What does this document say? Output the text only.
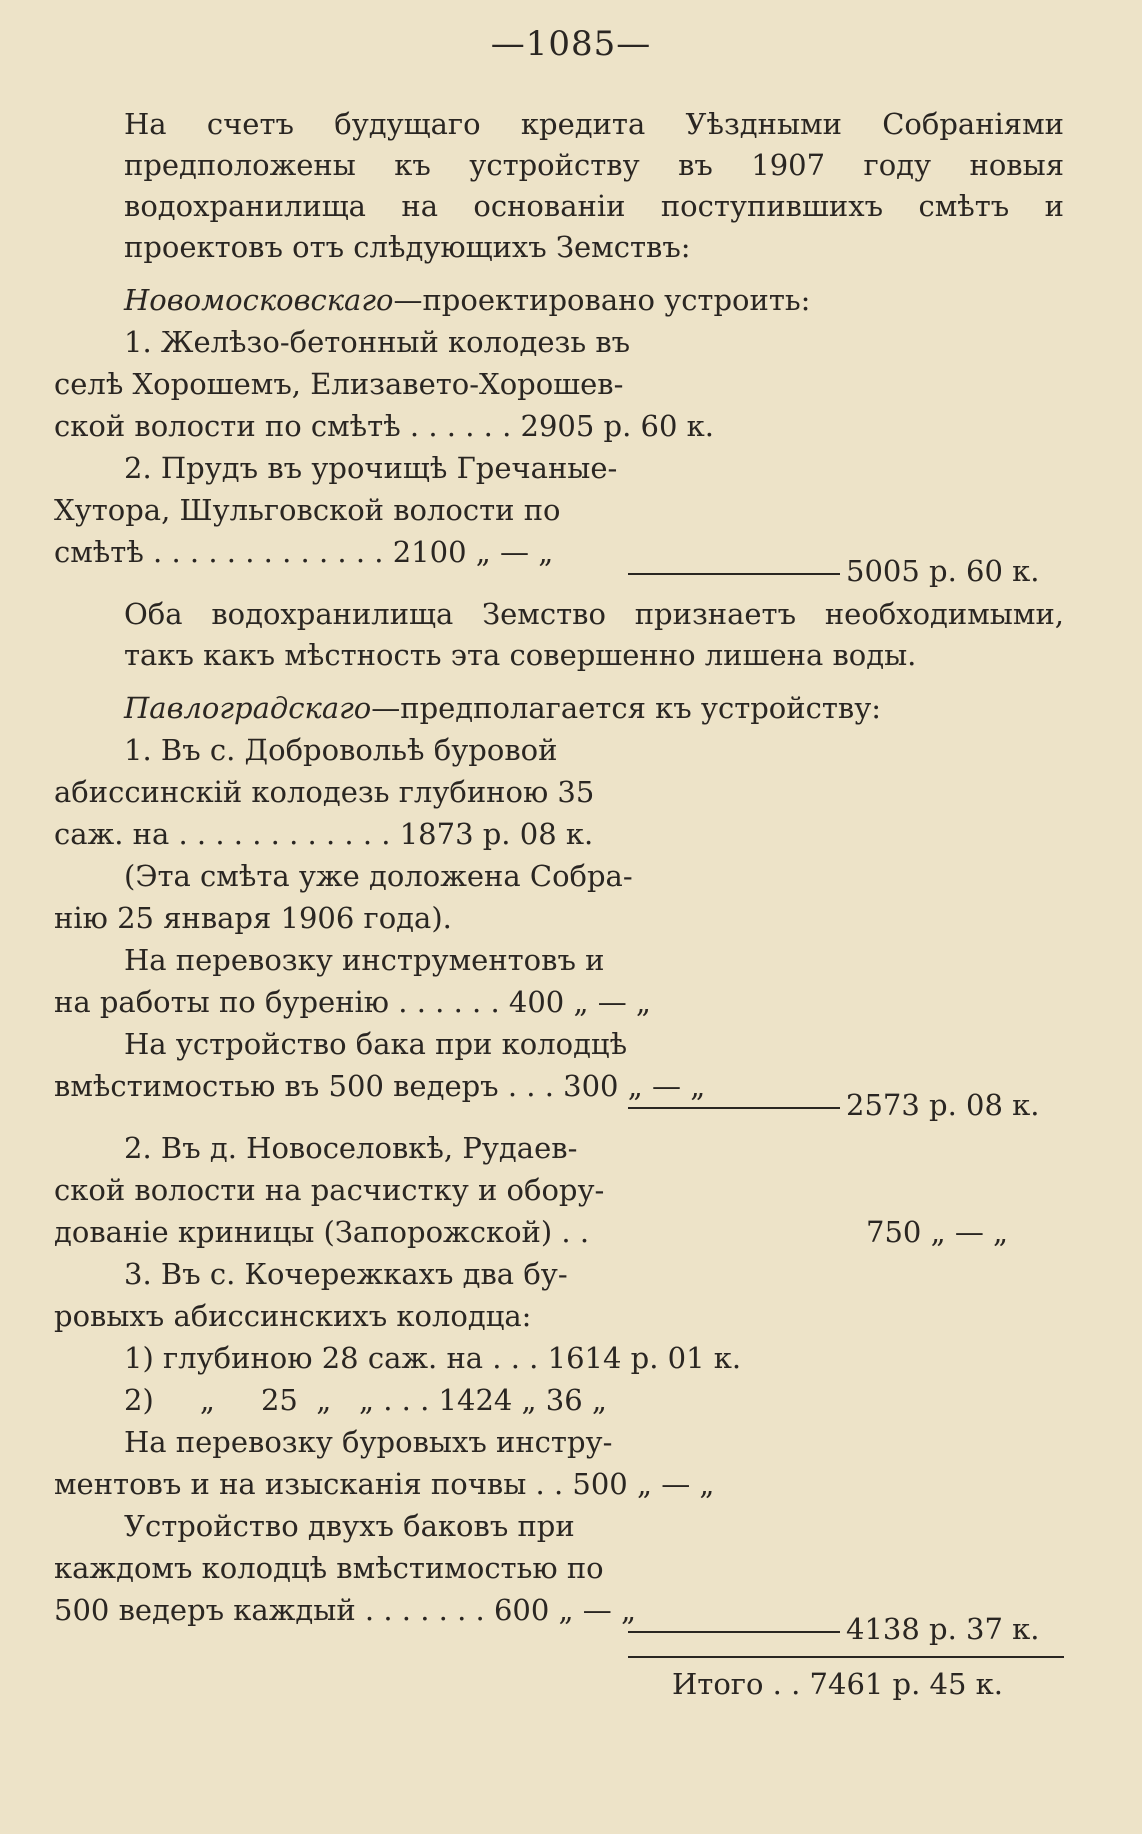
—1085—
На счетъ будущаго кредита Уѣздными Собраніями предположены къ устройству въ 1907 году новыя водохранилища на основаніи поступившихъ смѣтъ и проектовъ отъ слѣдующихъ Земствъ:
Новомосковскаго—проектировано устроить:
1. Желѣзо-бетонный колодезь въ
селѣ Хорошемъ, Елизавето-Хорошев-
ской волости по смѣтѣ . . . . . . 2905 р. 60 к.
2. Прудъ въ урочищѣ Гречаные-
Хутора, Шульговской волости по
смѣтѣ . . . . . . . . . . . . . 2100 „ — „
5005 р. 60 к.
Оба водохранилища Земство признаетъ необходимыми, такъ какъ мѣстность эта совершенно лишена воды.
Павлоградскаго—предполагается къ устройству:
1. Въ с. Добровольѣ буровой
абиссинскій колодезь глубиною 35
саж. на . . . . . . . . . . . . 1873 р. 08 к.
(Эта смѣта уже доложена Собра-
нію 25 января 1906 года).
На перевозку инструментовъ и
на работы по буренію . . . . . . 400 „ — „
На устройство бака при колодцѣ
вмѣстимостью въ 500 ведеръ . . . 300 „ — „
2573 р. 08 к.
2. Въ д. Новоселовкѣ, Рудаев-
ской волости на расчистку и обору-
дованіе криницы (Запорожской) . .	750 „ — „
3. Въ с. Кочережкахъ два бу-
ровыхъ абиссинскихъ колодца:
1) глубиною 28 саж. на . . . 1614 р. 01 к.
2)     „     25  „   „ . . . 1424 „ 36 „
На перевозку буровыхъ инстру-
ментовъ и на изысканія почвы . . 500 „ — „
Устройство двухъ баковъ при
каждомъ колодцѣ вмѣстимостью по
500 ведеръ каждый . . . . . . . 600 „ — „
4138 р. 37 к.
Итого . . 7461 р. 45 к.
